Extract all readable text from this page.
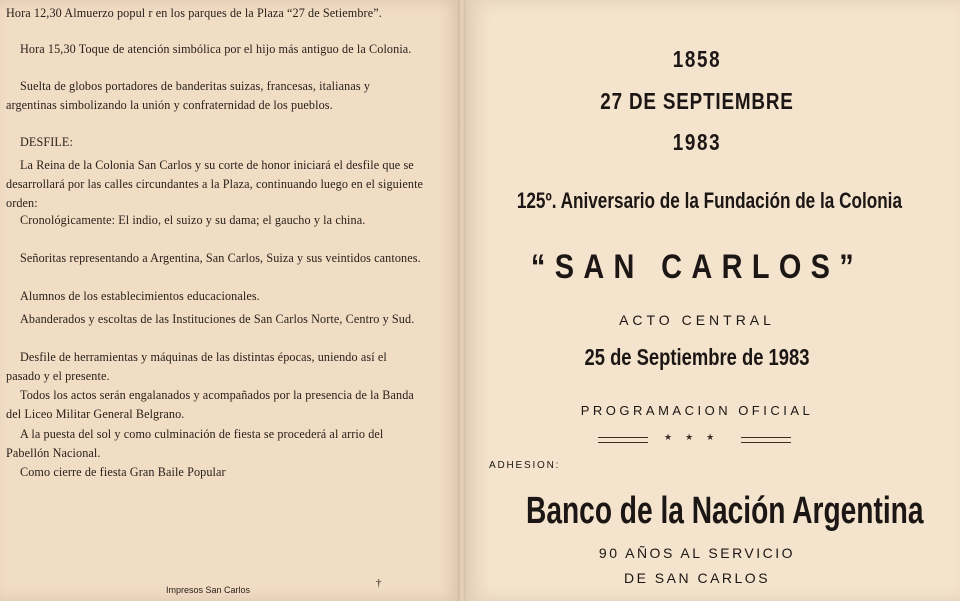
Hora 12,30 Almuerzo popul r en los parques de la Plaza “27 de Setiembre”.

Hora 15,30 Toque de atención simbólica por el hijo más antiguo de la Colonia.

Suelta de globos portadores de banderitas suizas, francesas, italianas y argentinas simbolizando la unión y confraternidad de los pueblos.

DESFILE:

La Reina de la Colonia San Carlos y su corte de honor iniciará el desfile que se desarrollará por las calles circundantes a la Plaza, continuando luego en el siguiente orden:

Cronológicamente: El indio, el suizo y su dama; el gaucho y la china.

Señoritas representando a Argentina, San Carlos, Suiza y sus veintidos cantones.

Alumnos de los establecimientos educacionales.

Abanderados y escoltas de las Instituciones de San Carlos Norte, Centro y Sud.

Desfile de herramientas y máquinas de las distintas épocas, uniendo así el pasado y el presente.

Todos los actos serán engalanados y acompañados por la presencia de la Banda del Liceo Militar General Belgrano.

A la puesta del sol y como culminación de fiesta se procederá al arrio del Pabellón Nacional.

Como cierre de fiesta Gran Baile Popular

Impresos San Carlos
†
1858
27 DE SEPTIEMBRE
1983
125º. Aniversario de la Fundación de la Colonia
“SAN CARLOS”
ACTO CENTRAL
25 de Septiembre de 1983
PROGRAMACION OFICIAL
★★★
ADHESION:
Banco de la Nación Argentina
90 AÑOS AL SERVICIO
DE SAN CARLOS
